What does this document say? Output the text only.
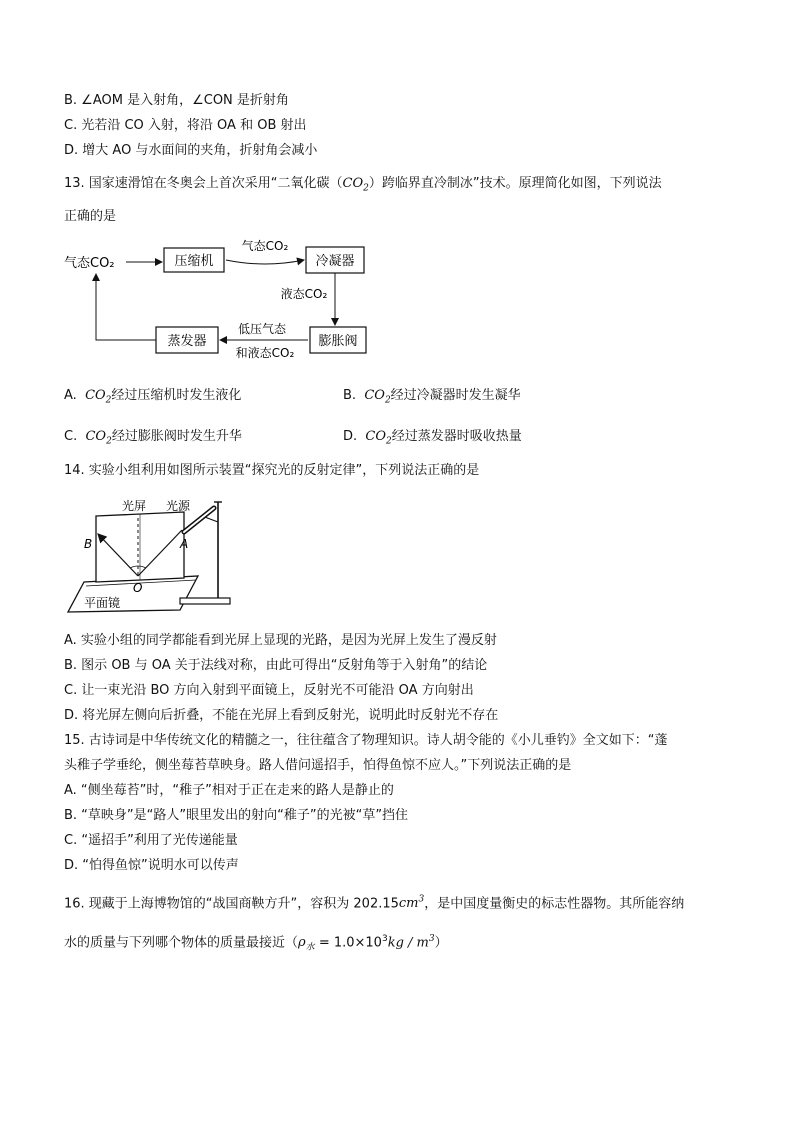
B. ∠AOM 是入射角，∠CON 是折射角
C. 光若沿 CO 入射，将沿 OA 和 OB 射出
D. 增大 AO 与水面间的夹角，折射角会减小
13. 国家速滑馆在冬奥会上首次采用“二氧化碳$(CO_2)$跨临界直冷制冰”技术。原理简化如图，下列说法
正确的是
气态CO₂	压缩机
气态CO₂
冷凝器
液态CO₂
膨胀阀
低压气态
和液态CO₂
蒸发器
A. $CO_2$经过压缩机时发生液化	B. $CO_2$经过冷凝器时发生凝华
C. $CO_2$经过膨胀阀时发生升华	D. $CO_2$经过蒸发器时吸收热量
14. 实验小组利用如图所示装置“探究光的反射定律”，下列说法正确的是
光屏 光源
B	A
O
平面镜
A. 实验小组的同学都能看到光屏上显现的光路，是因为光屏上发生了漫反射
B. 图示 OB 与 OA 关于法线对称，由此可得出“反射角等于入射角”的结论
C. 让一束光沿 BO 方向入射到平面镜上，反射光不可能沿 OA 方向射出
D. 将光屏左侧向后折叠，不能在光屏上看到反射光，说明此时反射光不存在
15. 古诗词是中华传统文化的精髓之一，往往蕴含了物理知识。诗人胡令能的《小儿垂钓》全文如下：“蓬
头稚子学垂纶，侧坐莓苔草映身。路人借问遥招手，怕得鱼惊不应人。”下列说法正确的是
A. “侧坐莓苔”时，“稚子”相对于正在走来的路人是静止的
B. “草映身”是“路人”眼里发出的射向“稚子”的光被“草”挡住
C. “遥招手”利用了光传递能量
D. “怕得鱼惊”说明水可以传声
16. 现藏于上海博物馆的“战国商鞅方升”，容积为 $202.15cm^3$，是中国度量衡史的标志性器物。其所能容纳
水的质量与下列哪个物体的质量最接近$(\rho_水 = 1.0\times 10^3kg / m^3)$
